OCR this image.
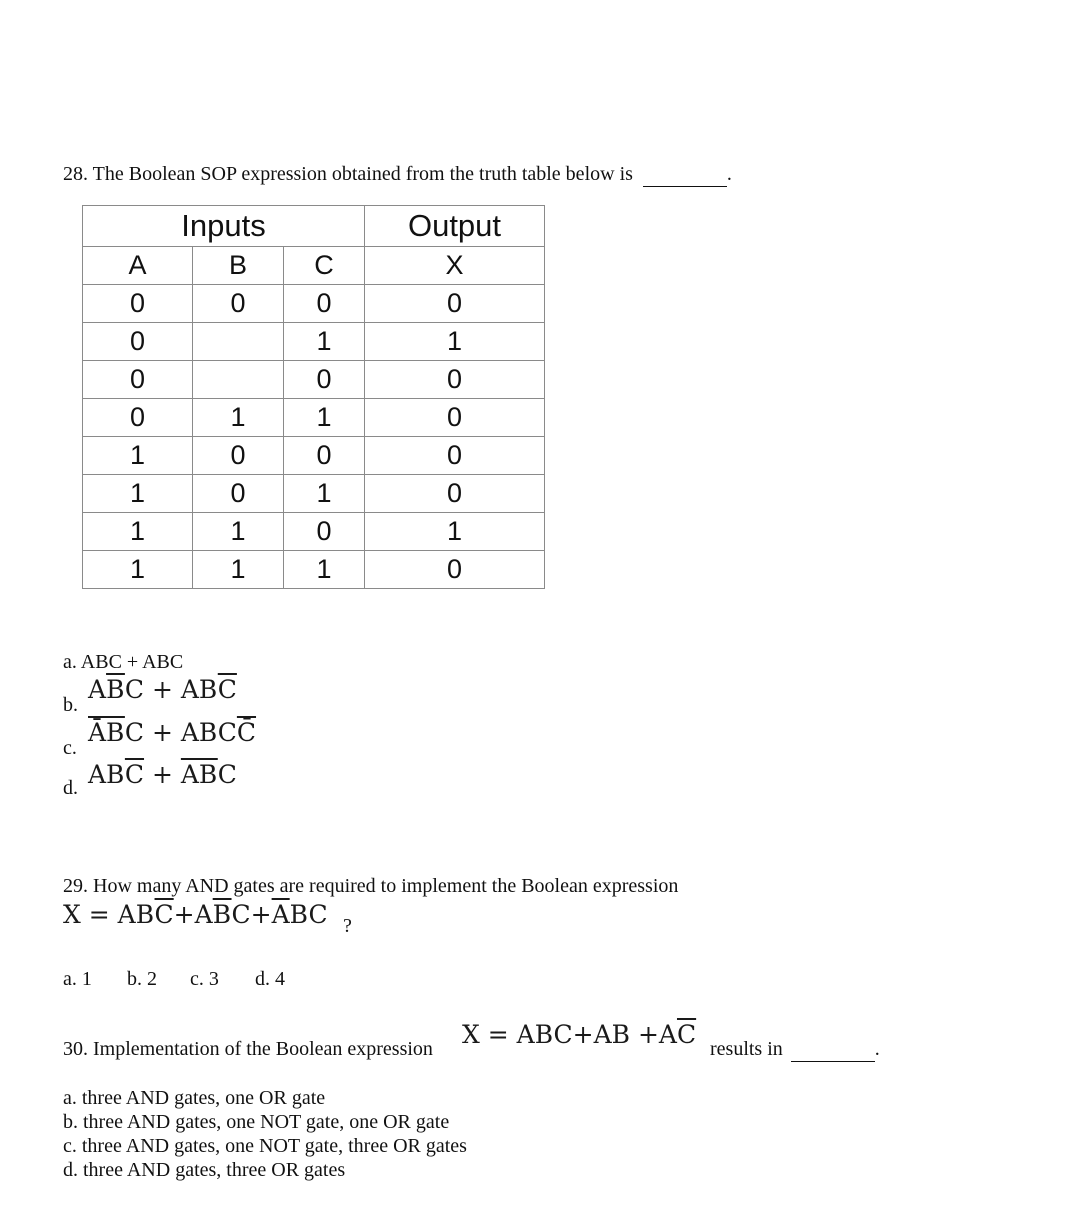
28. The Boolean SOP expression obtained from the truth table below is	.
Inputs			Output
A	B	C	X
0	0	0	0
0		1	1
0		0	0
0	1	1	0
1	0	0	0
1	0	1	0
1	1	0	1
1	1	1	0
a. ABC + ABC
b.
$A\overline{B}C + AB\overline{C}$
c.
$\overline{ĀB}C$ + ABCC̄
d. $AB\overline{C} + \overline{AB}C$
29. How many AND gates are required to implement the Boolean expression
$X = AB\overline{C}+A\overline{B}C+\overline{A}BC$ ?
a. 1 b. 2 c. 3 d. 4
30. Implementation of the Boolean expression $X = ABC+AB +A\overline{C}$ results in	.
a. three AND gates, one OR gate
b. three AND gates, one NOT gate, one OR gate
c. three AND gates, one NOT gate, three OR gates
d. three AND gates, three OR gates
